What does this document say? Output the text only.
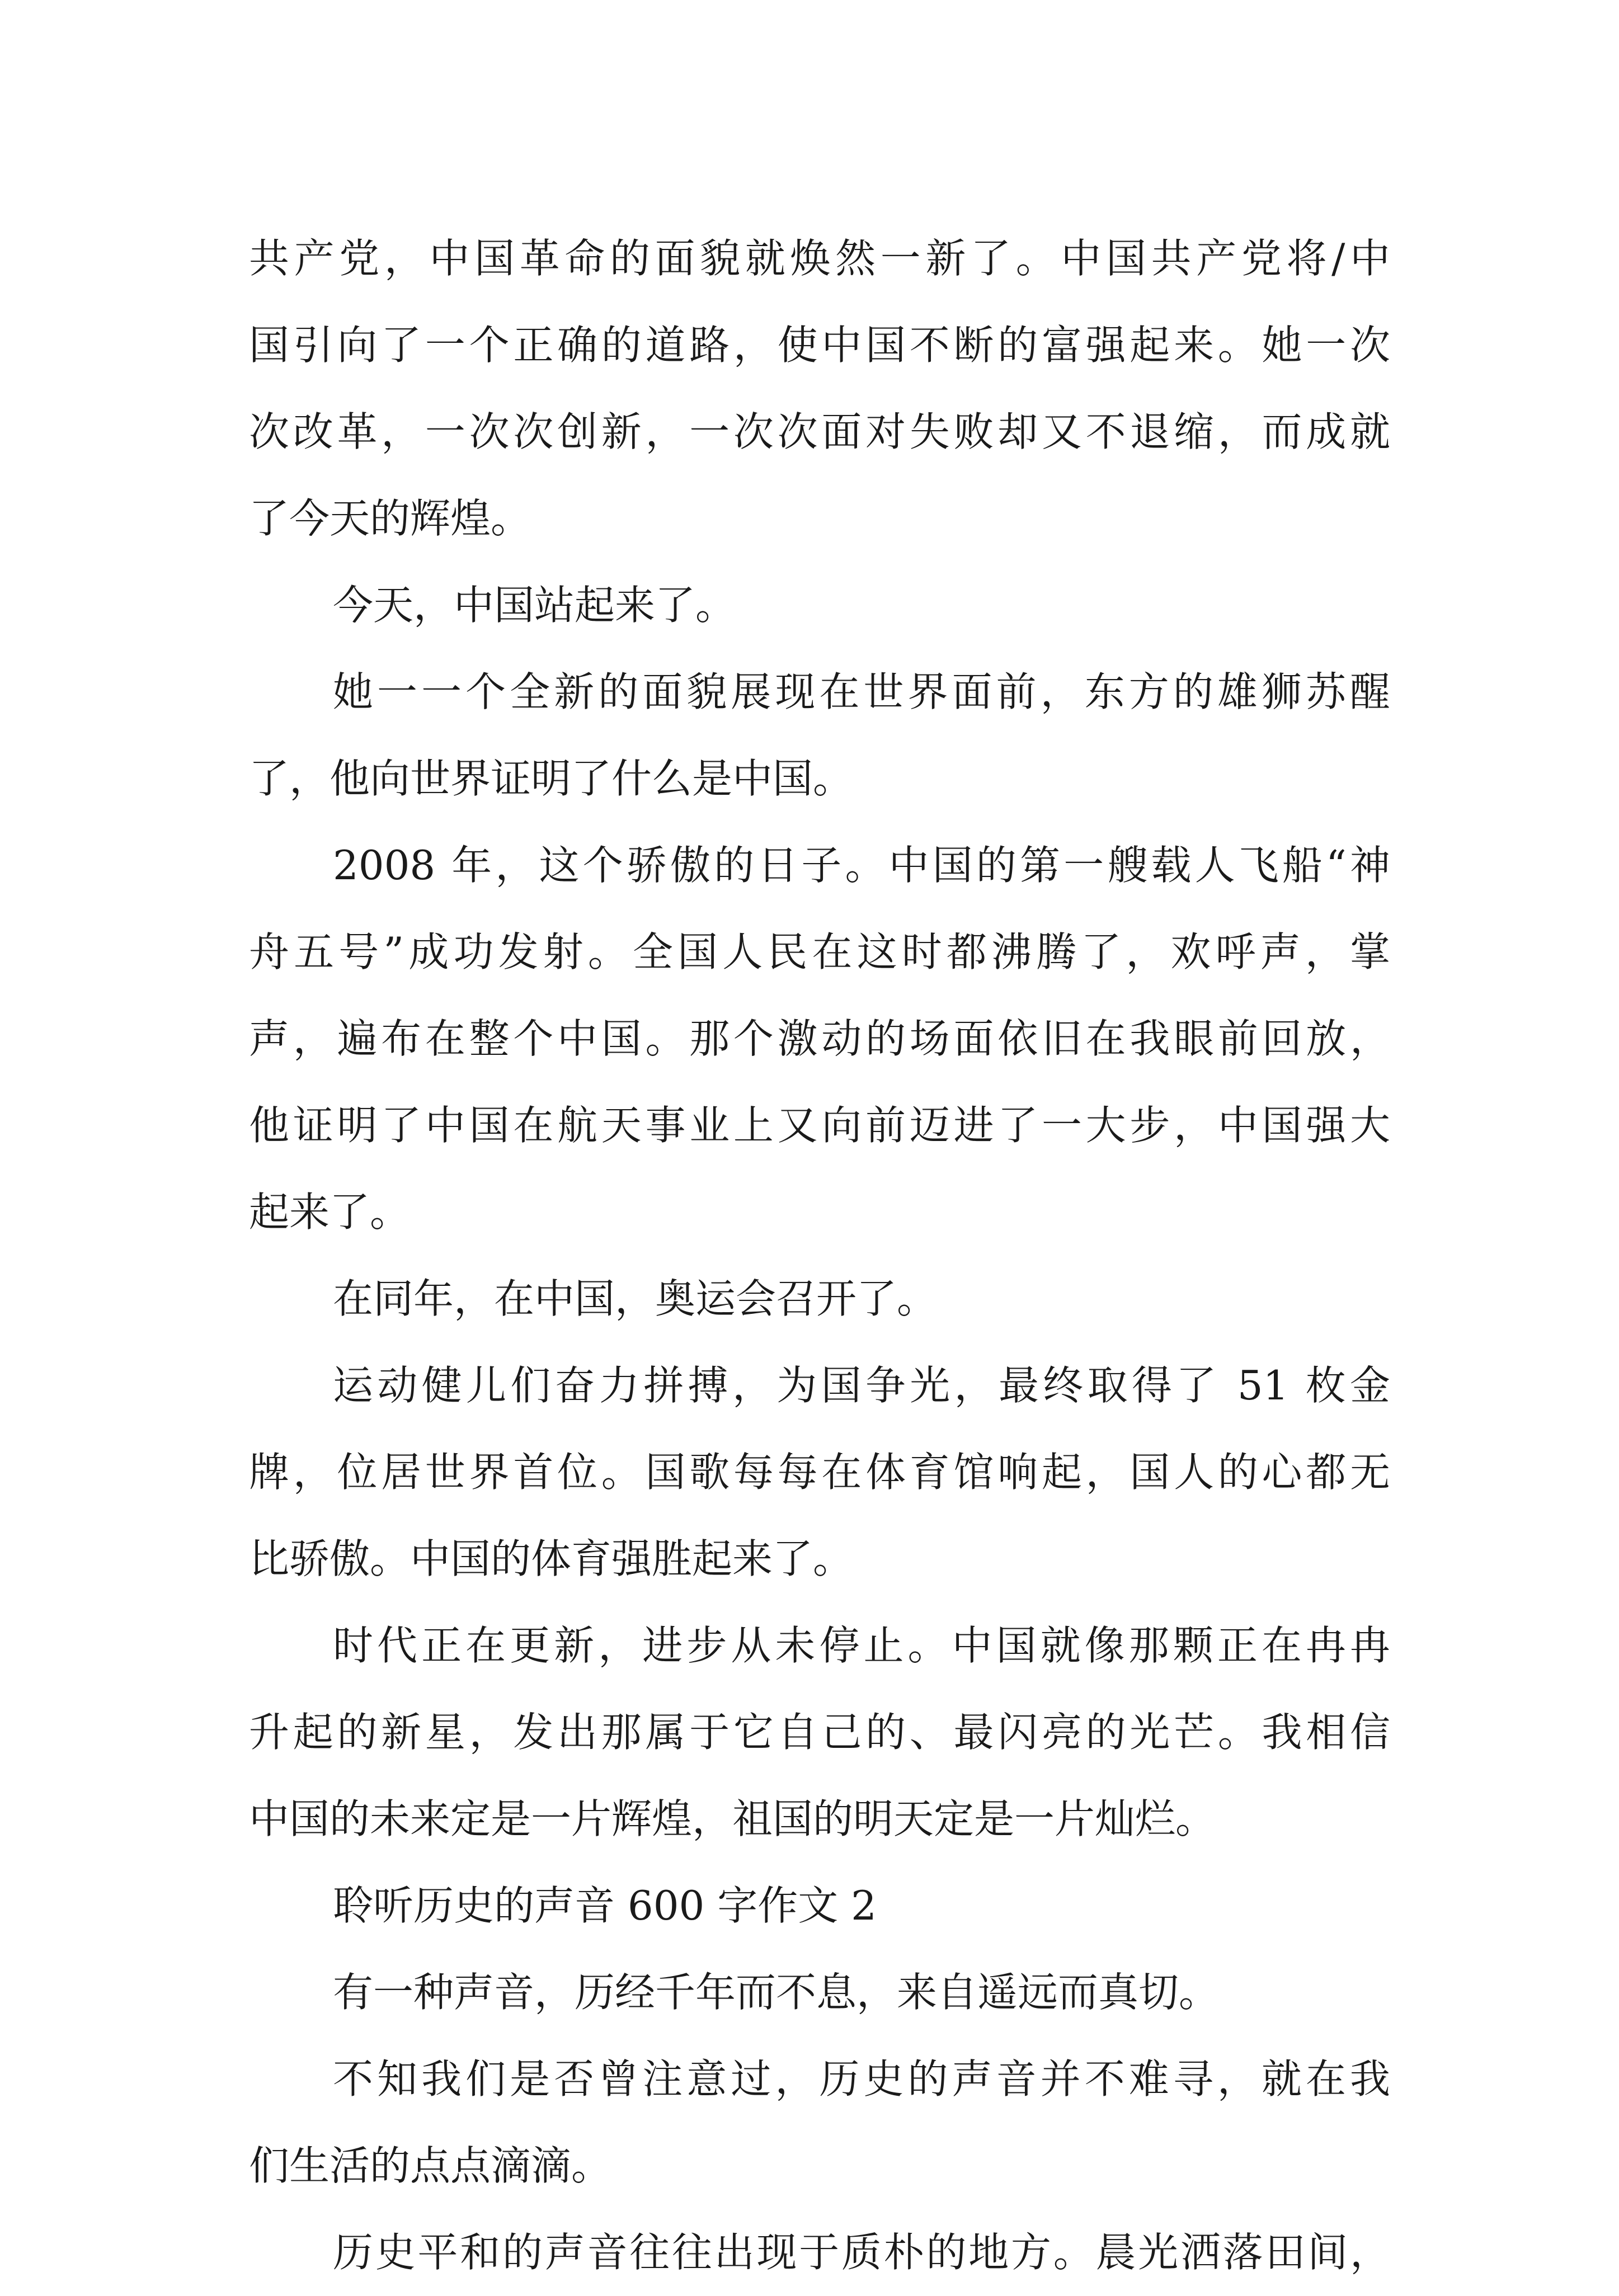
共产党，中国革命的面貌就焕然一新了。中国共产党将/中
国引向了一个正确的道路，使中国不断的富强起来。她一次
次改革，一次次创新，一次次面对失败却又不退缩，而成就
了今天的辉煌。
今天，中国站起来了。
她一一个全新的面貌展现在世界面前，东方的雄狮苏醒
了，他向世界证明了什么是中国。
2008 年，这个骄傲的日子。中国的第一艘载人飞船“神
舟五号”成功发射。全国人民在这时都沸腾了，欢呼声，掌
声，遍布在整个中国。那个激动的场面依旧在我眼前回放，
他证明了中国在航天事业上又向前迈进了一大步，中国强大
起来了。
在同年，在中国，奥运会召开了。
运动健儿们奋力拼搏，为国争光，最终取得了 51 枚金
牌，位居世界首位。国歌每每在体育馆响起，国人的心都无
比骄傲。中国的体育强胜起来了。
时代正在更新，进步从未停止。中国就像那颗正在冉冉
升起的新星，发出那属于它自己的、最闪亮的光芒。我相信
中国的未来定是一片辉煌，祖国的明天定是一片灿烂。
聆听历史的声音 600 字作文 2
有一种声音，历经千年而不息，来自遥远而真切。
不知我们是否曾注意过，历史的声音并不难寻，就在我
们生活的点点滴滴。
历史平和的声音往往出现于质朴的地方。晨光洒落田间，
